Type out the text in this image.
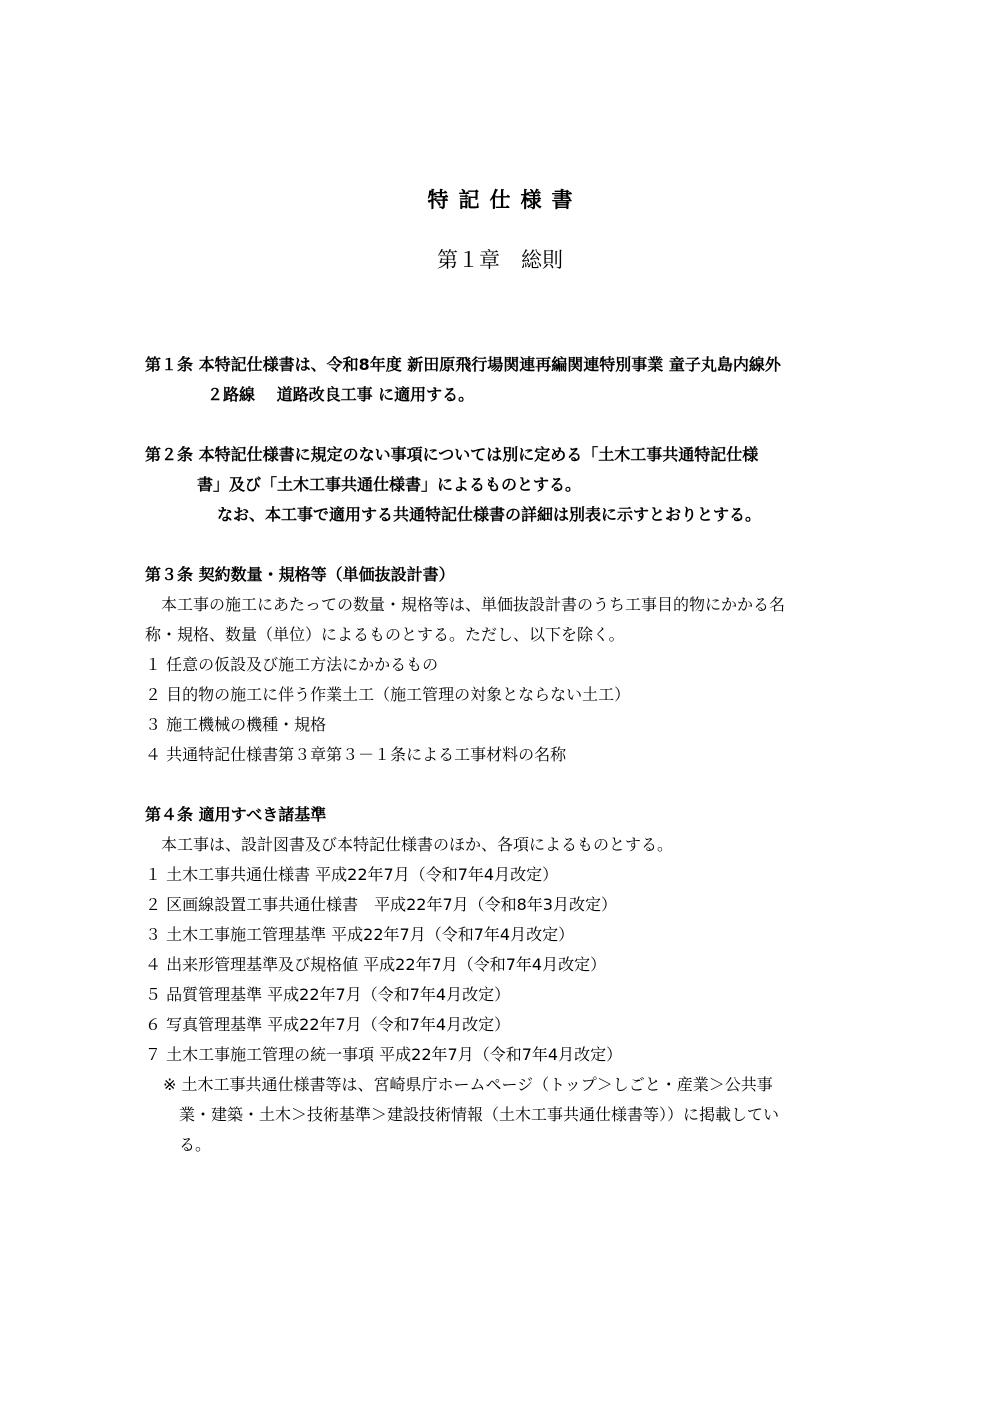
特記仕様書
第１章　総則
第１条 本特記仕様書は、令和8年度 新田原飛行場関連再編関連特別事業 童子丸島内線外
２路線　 道路改良工事 に適用する。
第２条 本特記仕様書に規定のない事項については別に定める「土木工事共通特記仕様
書」及び「土木工事共通仕様書」によるものとする。
なお、本工事で適用する共通特記仕様書の詳細は別表に示すとおりとする。
第３条 契約数量・規格等（単価抜設計書）
本工事の施工にあたっての数量・規格等は、単価抜設計書のうち工事目的物にかかる名
称・規格、数量（単位）によるものとする。ただし、以下を除く。
１ 任意の仮設及び施工方法にかかるもの
２ 目的物の施工に伴う作業土工（施工管理の対象とならない土工）
３ 施工機械の機種・規格
４ 共通特記仕様書第３章第３－１条による工事材料の名称
第４条 適用すべき諸基準
本工事は、設計図書及び本特記仕様書のほか、各項によるものとする。
１ 土木工事共通仕様書 平成22年7月（令和7年4月改定）
２ 区画線設置工事共通仕様書　平成22年7月（令和8年3月改定）
３ 土木工事施工管理基準 平成22年7月（令和7年4月改定）
４ 出来形管理基準及び規格値 平成22年7月（令和7年4月改定）
５ 品質管理基準 平成22年7月（令和7年4月改定）
６ 写真管理基準 平成22年7月（令和7年4月改定）
７ 土木工事施工管理の統一事項 平成22年7月（令和7年4月改定）
※ 土木工事共通仕様書等は、宮崎県庁ホームページ（トップ＞しごと・産業＞公共事
業・建築・土木＞技術基準＞建設技術情報（土木工事共通仕様書等））に掲載してい
る。
